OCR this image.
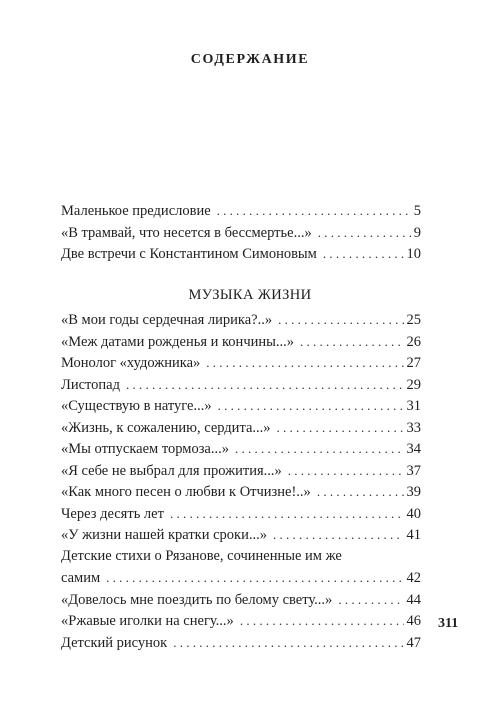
СОДЕРЖАНИЕ
Маленькое предисловие . . .	5
«В трамвай, что несется в бессмертье...» . . .	9
Две встречи с Константином Симоновым . . .	10
МУЗЫКА ЖИЗНИ
«В мои годы сердечная лирика?..» . . .	25
«Меж датами рожденья и кончины...» . . .	26
Монолог «художника» . . .	27
Листопад . . .	29
«Существую в натуге...» . . .	31
«Жизнь, к сожалению, сердита...» . . .	33
«Мы отпускаем тормоза...» . . .	34
«Я себе не выбрал для прожития...» . . .	37
«Как много песен о любви к Отчизне!..» . . .	39
Через десять лет . . .	40
«У жизни нашей кратки сроки...» . . .	41
Детские стихи о Рязанове, сочиненные им же
самим . . .	42
«Довелось мне поездить по белому свету...» . . .	44
«Ржавые иголки на снегу...» . . .	46
Детский рисунок . . .	47
311
